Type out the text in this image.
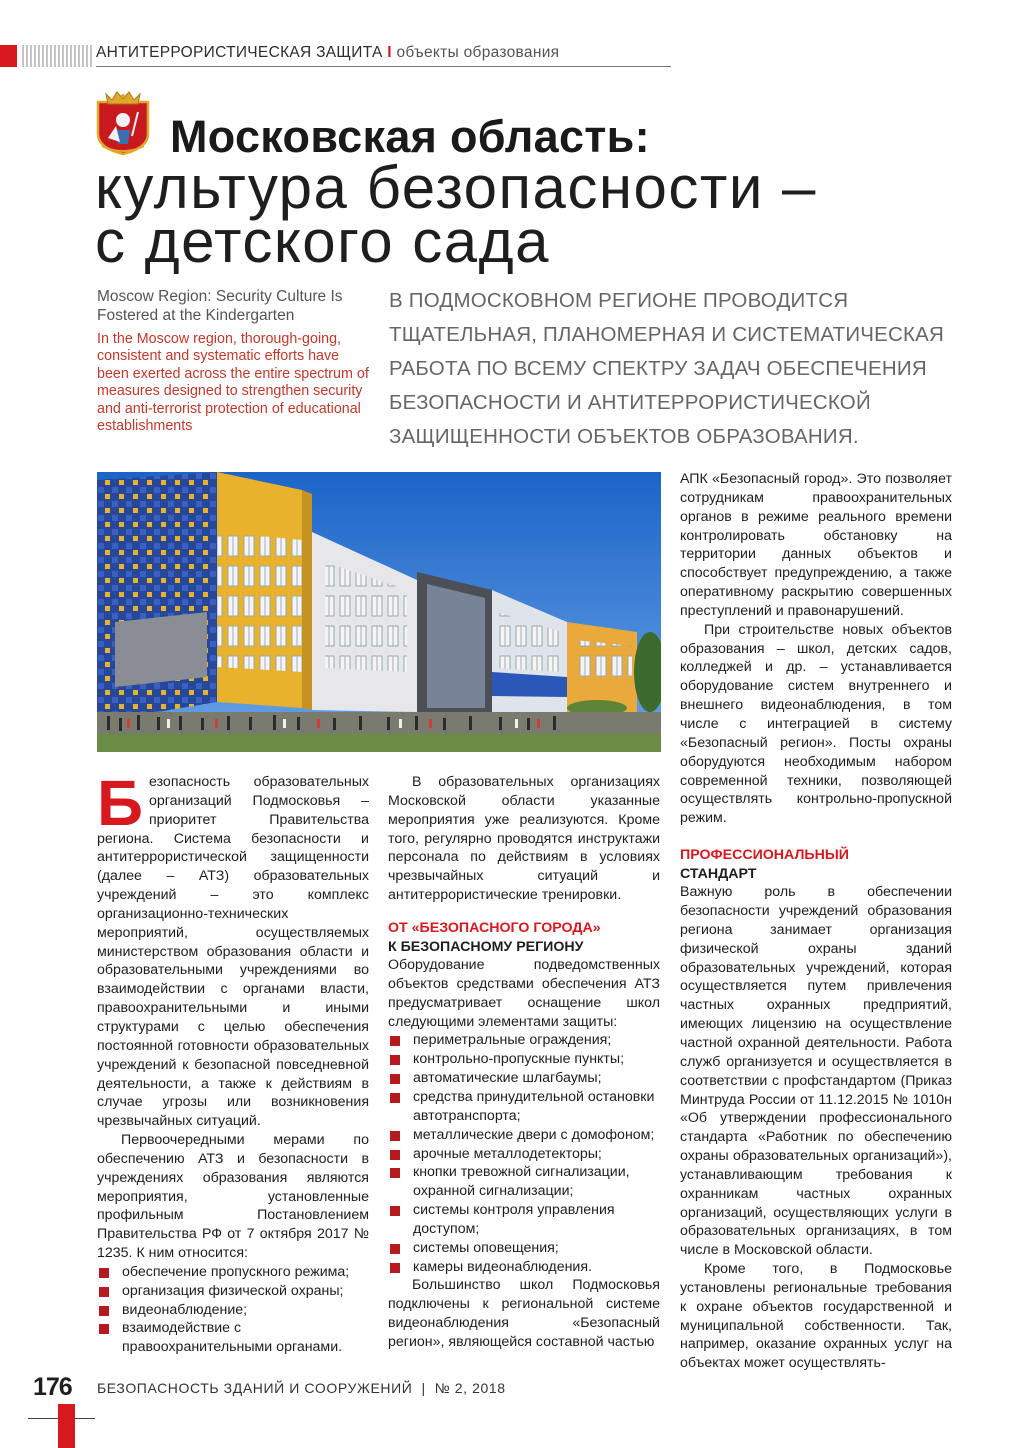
АНТИТЕРРОРИСТИЧЕСКАЯ ЗАЩИТА I объекты образования
Московская область:
культура безопасности –
с детского сада
Moscow Region: Security Culture Is Fostered at the Kindergarten
In the Moscow region, thorough-going, consistent and systematic efforts have been exerted across the entire spectrum of measures designed to strengthen security and anti-terrorist protection of educational establishments
В ПОДМОСКОВНОМ РЕГИОНЕ ПРОВОДИТСЯ ТЩАТЕЛЬНАЯ, ПЛАНОМЕРНАЯ И СИСТЕМАТИЧЕСКАЯ РАБОТА ПО ВСЕМУ СПЕКТРУ ЗАДАЧ ОБЕСПЕЧЕНИЯ БЕЗОПАСНОСТИ И АНТИТЕРРОРИСТИЧЕСКОЙ ЗАЩИЩЕННОСТИ ОБЪЕКТОВ ОБРАЗОВАНИЯ.

Безопасность образовательных организаций Подмосковья – приоритет Правительства региона. Система безопасности и антитеррористической защищенности (далее – АТЗ) образовательных учреждений – это комплекс организационно-технических мероприятий, осуществляемых министерством образования области и образовательными учреждениями во взаимодействии с органами власти, правоохранительными и иными структурами с целью обеспечения постоянной готовности образовательных учреждений к безопасной повседневной деятельности, а также к действиям в случае угрозы или возникновения чрезвычайных ситуаций.

Первоочередными мерами по обеспечению АТЗ и безопасности в учреждениях образования являются мероприятия, установленные профильным Постановлением Правительства РФ от 7 октября 2017 № 1235. К ним относится:

обеспечение пропускного режима;
организация физической охраны;
видеонаблюдение;
взаимодействие с правоохранительными органами.

В образовательных организациях Московской области указанные мероприятия уже реализуются. Кроме того, регулярно проводятся инструктажи персонала по действиям в условиях чрезвычайных ситуаций и антитеррористические тренировки.

ОТ «БЕЗОПАСНОГО ГОРОДА»
К БЕЗОПАСНОМУ РЕГИОНУ

Оборудование подведомственных объектов средствами обеспечения АТЗ предусматривает оснащение школ следующими элементами защиты:

периметральные ограждения;
контрольно-пропускные пункты;
автоматические шлагбаумы;
средства принудительной остановки автотранспорта;
металлические двери с домофоном;
арочные металлодетекторы;
кнопки тревожной сигнализации, охранной сигнализации;
системы контроля управления доступом;
системы оповещения;
камеры видеонаблюдения.

Большинство школ Подмосковья подключены к региональной системе видеонаблюдения «Безопасный регион», являющейся составной частью

АПК «Безопасный город». Это позволяет сотрудникам правоохранительных органов в режиме реального времени контролировать обстановку на территории данных объектов и способствует предупреждению, а также оперативному раскрытию совершенных преступлений и правонарушений.

При строительстве новых объектов образования – школ, детских садов, колледжей и др. – устанавливается оборудование систем внутреннего и внешнего видеонаблюдения, в том числе с интеграцией в систему «Безопасный регион». Посты охраны оборудуются необходимым набором современной техники, позволяющей осуществлять контрольно-пропускной режим.

ПРОФЕССИОНАЛЬНЫЙ
СТАНДАРТ

Важную роль в обеспечении безопасности учреждений образования региона занимает организация физической охраны зданий образовательных учреждений, которая осуществляется путем привлечения частных охранных предприятий, имеющих лицензию на осуществление частной охранной деятельности. Работа служб организуется и осуществляется в соответствии с профстандартом (Приказ Минтруда России от 11.12.2015 № 1010н «Об утверждении профессионального стандарта «Работник по обеспечению охраны образовательных организаций»), устанавливающим требования к охранникам частных охранных организаций, осуществляющих услуги в образовательных организациях, в том числе в Московской области.

Кроме того, в Подмосковье установлены региональные требования к охране объектов государственной и муниципальной собственности. Так, например, оказание охранных услуг на объектах может осуществлять-

176 БЕЗОПАСНОСТЬ ЗДАНИЙ И СООРУЖЕНИЙ | № 2, 2018
